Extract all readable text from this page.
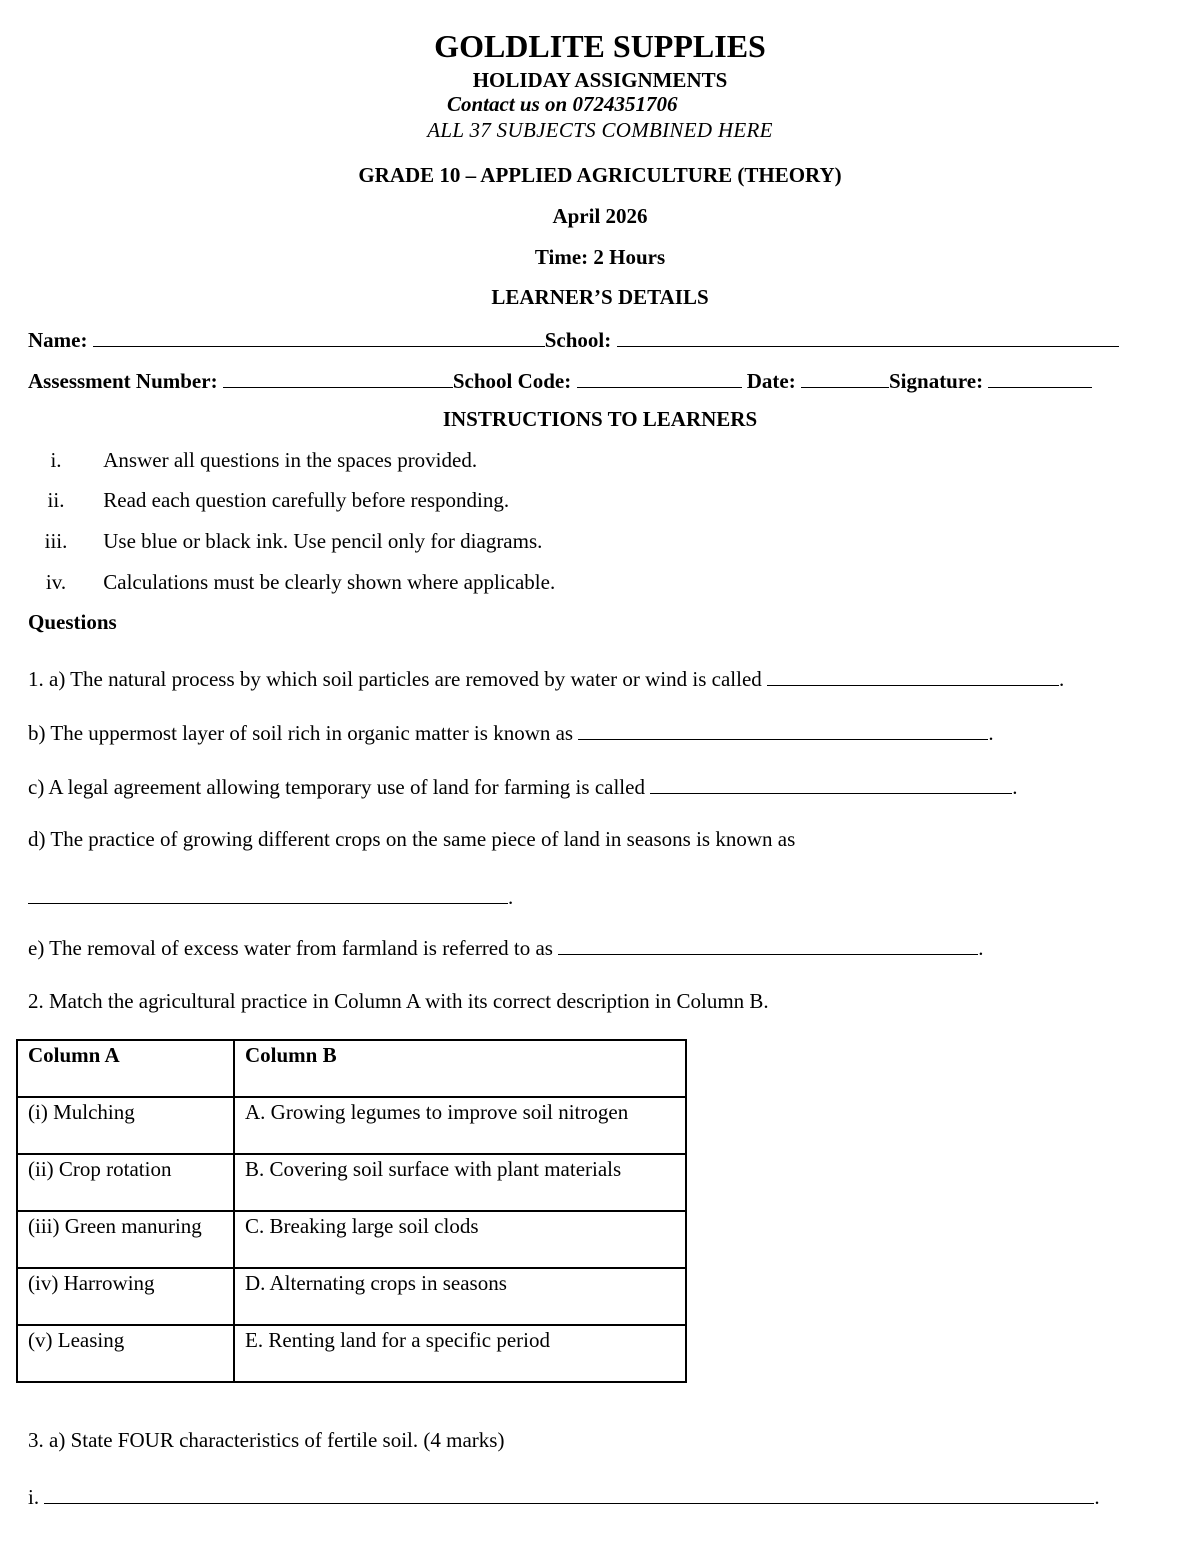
GOLDLITE SUPPLIES
HOLIDAY ASSIGNMENTS
Contact us on 0724351706
ALL 37 SUBJECTS COMBINED HERE
GRADE 10 – APPLIED AGRICULTURE (THEORY)
April 2026
Time: 2 Hours
LEARNER’S DETAILS
Name:	School:
Assessment Number:	School Code:	Date:	Signature:
INSTRUCTIONS TO LEARNERS
i. Answer all questions in the spaces provided.
ii. Read each question carefully before responding.
iii. Use blue or black ink. Use pencil only for diagrams.
iv. Calculations must be clearly shown where applicable.
Questions
1. a) The natural process by which soil particles are removed by water or wind is called	.
b) The uppermost layer of soil rich in organic matter is known as	.
c) A legal agreement allowing temporary use of land for farming is called	.
d) The practice of growing different crops on the same piece of land in seasons is known as
.
e) The removal of excess water from farmland is referred to as	.
2. Match the agricultural practice in Column A with its correct description in Column B.
Column A	Column B
(i) Mulching	A. Growing legumes to improve soil nitrogen
(ii) Crop rotation	B. Covering soil surface with plant materials
(iii) Green manuring	C. Breaking large soil clods
(iv) Harrowing	D. Alternating crops in seasons
(v) Leasing	E. Renting land for a specific period
3. a) State FOUR characteristics of fertile soil. (4 marks)
i.	.
